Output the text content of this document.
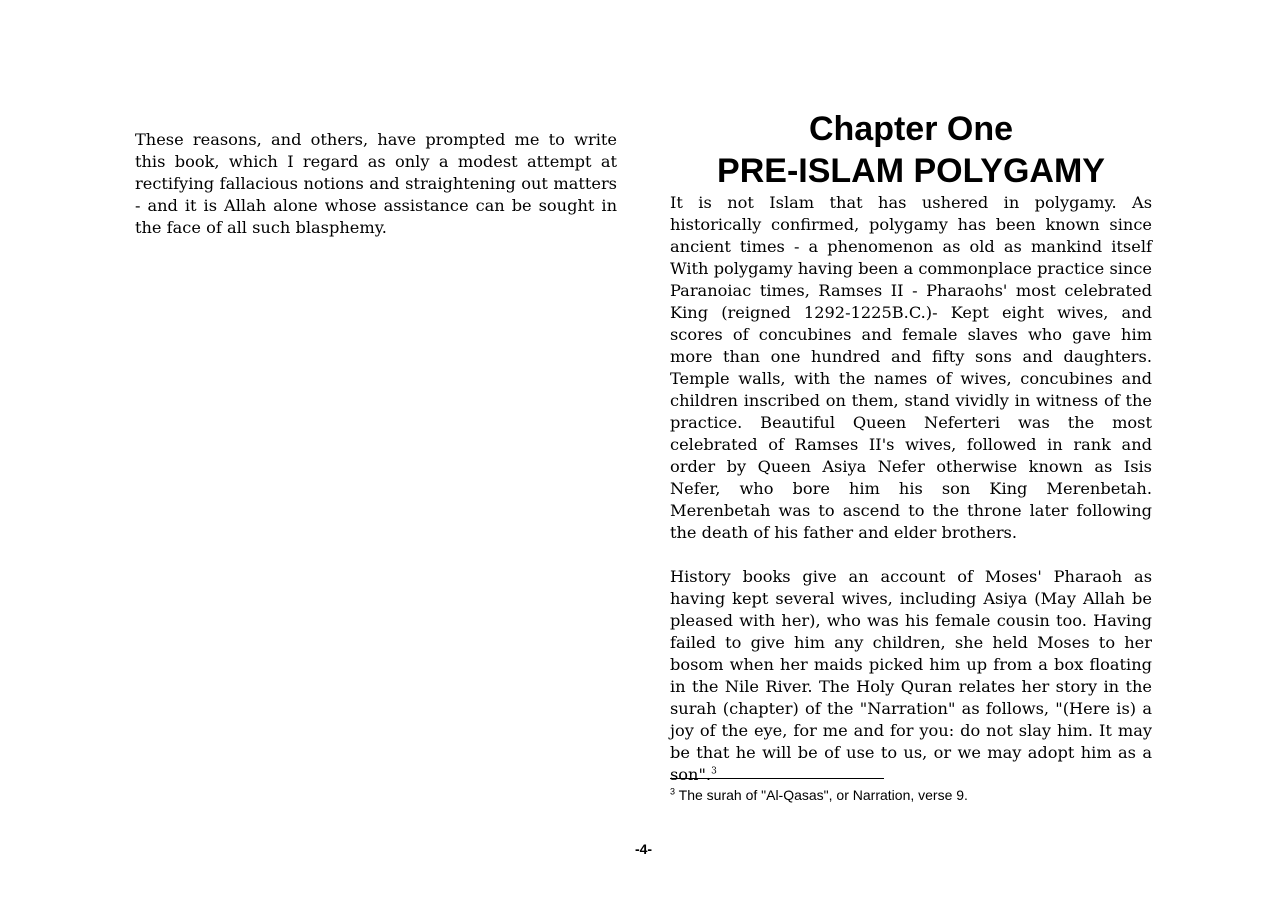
These reasons, and others, have prompted me to write this book, which I regard as only a modest attempt at rectifying fallacious notions and straightening out matters - and it is Allah alone whose assistance can be sought in the face of all such blasphemy.

Chapter One
PRE-ISLAM POLYGAMY

It is not Islam that has ushered in polygamy. As historically confirmed, polygamy has been known since ancient times - a phenomenon as old as mankind itself With polygamy having been a commonplace practice since Paranoiac times, Ramses II - Pharaohs' most celebrated King (reigned 1292-1225B.C.)- Kept eight wives, and scores of concubines and female slaves who gave him more than one hundred and fifty sons and daughters. Temple walls, with the names of wives, concubines and children inscribed on them, stand vividly in witness of the practice. Beautiful Queen Neferteri was the most celebrated of Ramses II's wives, followed in rank and order by Queen Asiya Nefer otherwise known as Isis Nefer, who bore him his son King Merenbetah. Merenbetah was to ascend to the throne later following the death of his father and elder brothers.

History books give an account of Moses' Pharaoh as having kept several wives, including Asiya (May Allah be pleased with her), who was his female cousin too. Having failed to give him any children, she held Moses to her bosom when her maids picked him up from a box floating in the Nile River. The Holy Quran relates her story in the surah (chapter) of the "Narration" as follows, "(Here is) a joy of the eye, for me and for you: do not slay him. It may be that he will be of use to us, or we may adopt him as a son".$^3$

$^3$ The surah of "Al-Qasas", or Narration, verse 9.
-4-
